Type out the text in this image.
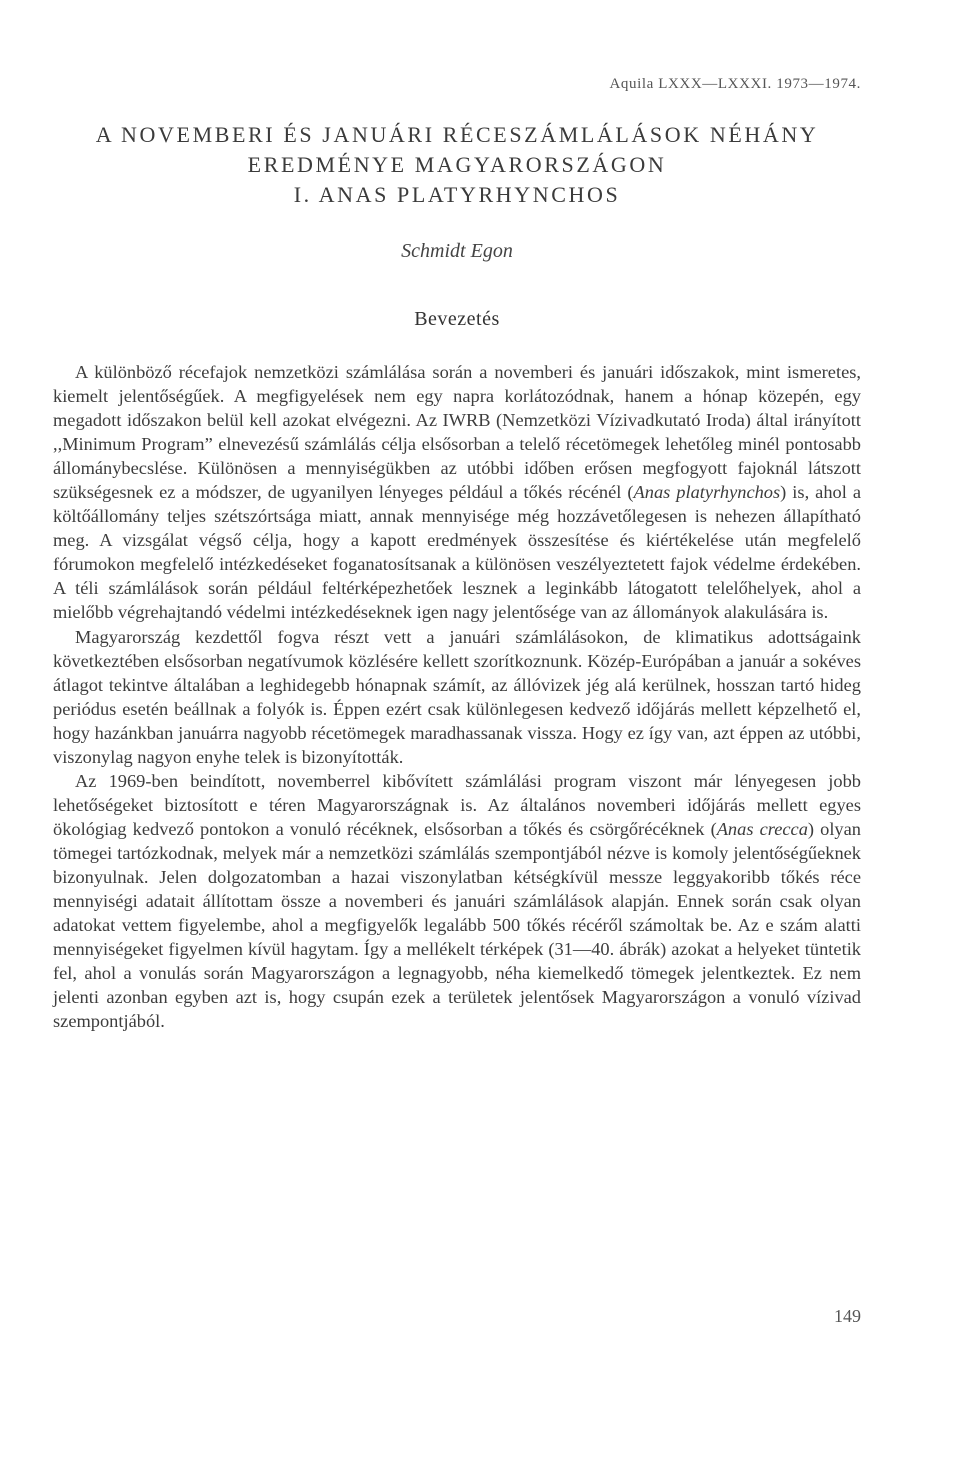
Aquila LXXX—LXXXI. 1973—1974.
A NOVEMBERI ÉS JANUÁRI RÉCESZÁMLÁLÁSOK NÉHÁNY
EREDMÉNYE MAGYARORSZÁGON
I. ANAS PLATYRHYNCHOS
Schmidt Egon
Bevezetés

A különböző récefajok nemzetközi számlálása során a novemberi és januári időszakok, mint ismeretes, kiemelt jelentőségűek. A megfigyelések nem egy napra korlátozódnak, hanem a hónap közepén, egy megadott időszakon belül kell azokat elvégezni. Az IWRB (Nemzetközi Vízivadkutató Iroda) által irányított ,,Minimum Program” elnevezésű számlálás célja elsősorban a telelő récetömegek lehetőleg minél pontosabb állománybecslése. Különösen a mennyiségükben az utóbbi időben erősen megfogyott fajoknál látszott szükségesnek ez a módszer, de ugyanilyen lényeges például a tőkés récénél (Anas platyrhynchos) is, ahol a költőállomány teljes szétszórtsága miatt, annak mennyisége még hozzávetőlegesen is nehezen állapítható meg. A vizsgálat végső célja, hogy a kapott eredmények összesítése és kiértékelése után megfelelő fórumokon megfelelő intézkedéseket foganatosítsanak a különösen veszélyeztetett fajok védelme érdekében. A téli számlálások során például feltérképezhetőek lesznek a leginkább látogatott telelőhelyek, ahol a mielőbb végrehajtandó védelmi intézkedéseknek igen nagy jelentősége van az állományok alakulására is.

Magyarország kezdettől fogva részt vett a januári számlálásokon, de klimatikus adottságaink következtében elsősorban negatívumok közlésére kellett szorítkoznunk. Közép-Európában a január a sokéves átlagot tekintve általában a leghidegebb hónapnak számít, az állóvizek jég alá kerülnek, hosszan tartó hideg periódus esetén beállnak a folyók is. Éppen ezért csak különlegesen kedvező időjárás mellett képzelhető el, hogy hazánkban januárra nagyobb récetömegek maradhassanak vissza. Hogy ez így van, azt éppen az utóbbi, viszonylag nagyon enyhe telek is bizonyították.

Az 1969-ben beindított, novemberrel kibővített számlálási program viszont már lényegesen jobb lehetőségeket biztosított e téren Magyarországnak is. Az általános novemberi időjárás mellett egyes ökológiag kedvező pontokon a vonuló récéknek, elsősorban a tőkés és csörgőrécéknek (Anas crecca) olyan tömegei tartózkodnak, melyek már a nemzetközi számlálás szempontjából nézve is komoly jelentőségűeknek bizonyulnak. Jelen dolgozatomban a hazai viszonylatban kétségkívül messze leggyakoribb tőkés réce mennyiségi adatait állítottam össze a novemberi és januári számlálások alapján. Ennek során csak olyan adatokat vettem figyelembe, ahol a megfigyelők legalább 500 tőkés récéről számoltak be. Az e szám alatti mennyiségeket figyelmen kívül hagytam. Így a mellékelt térképek (31—40. ábrák) azokat a helyeket tüntetik fel, ahol a vonulás során Magyarországon a legnagyobb, néha kiemelkedő tömegek jelentkeztek. Ez nem jelenti azonban egyben azt is, hogy csupán ezek a területek jelentősek Magyarországon a vonuló vízivad szempontjából.

149
